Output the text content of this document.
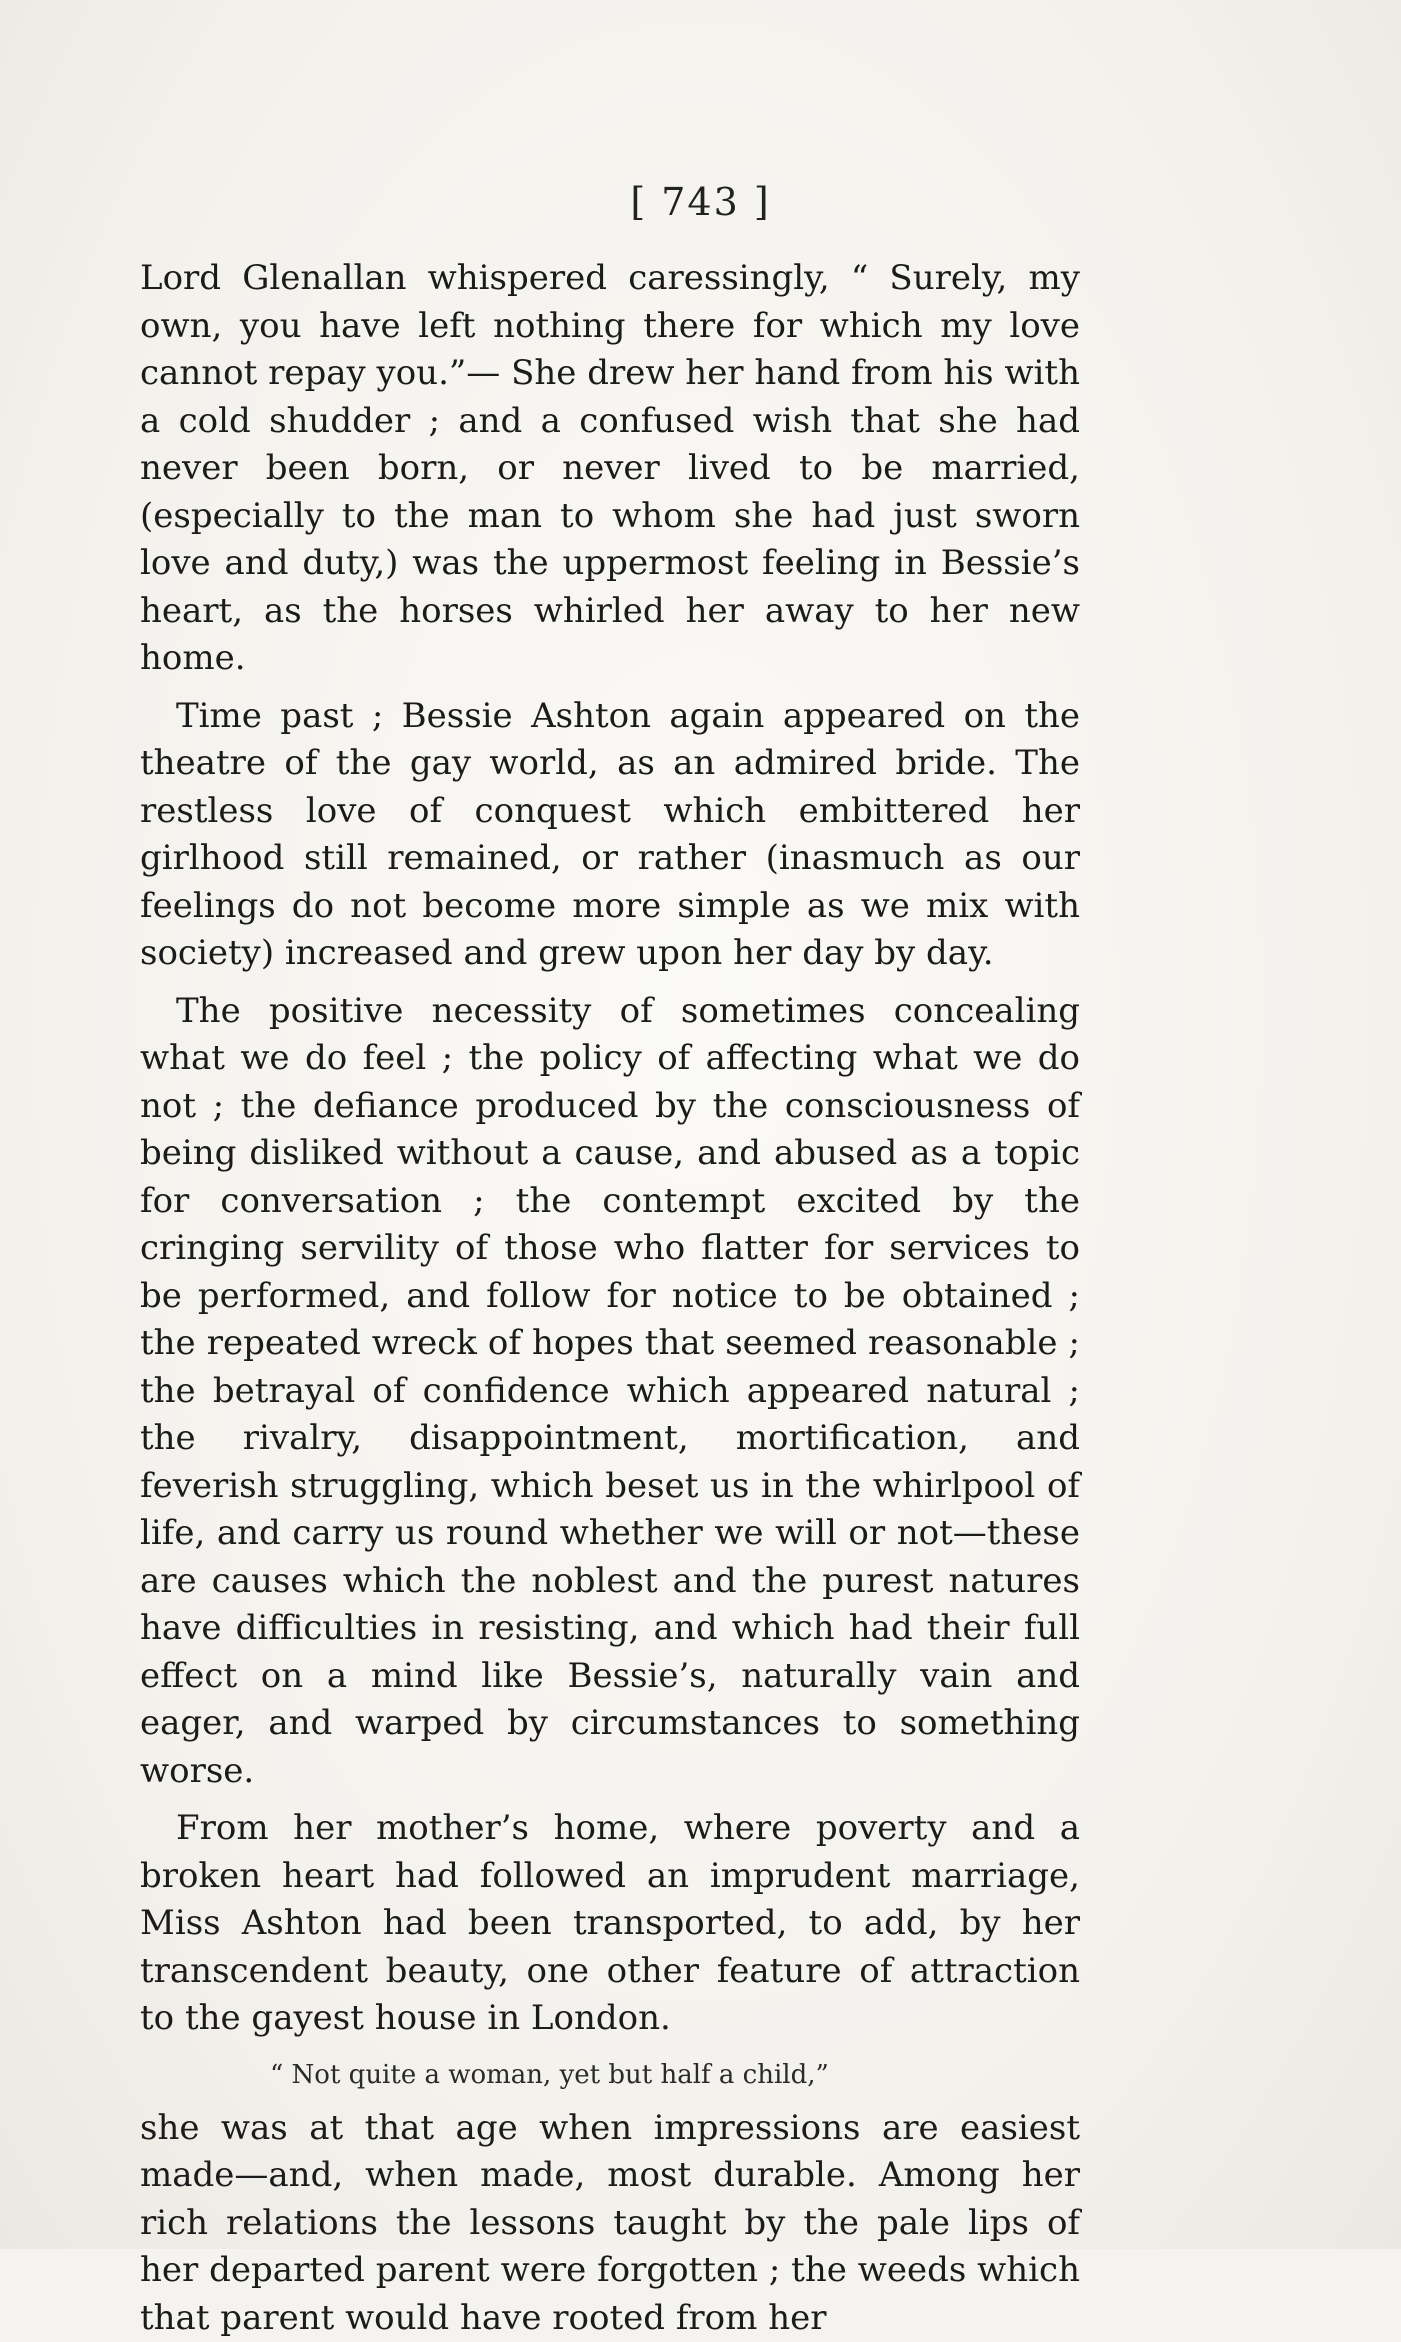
[ 743 ]

Lord Glenallan whispered caressingly, “ Surely, my own, you have left nothing there for which my love cannot repay you.”— She drew her hand from his with a cold shudder ; and a confused wish that she had never been born, or never lived to be married, (especially to the man to whom she had just sworn love and duty,) was the uppermost feeling in Bessie’s heart, as the horses whirled her away to her new home.

Time past ; Bessie Ashton again appeared on the theatre of the gay world, as an admired bride. The restless love of conquest which embittered her girlhood still remained, or rather (inasmuch as our feelings do not become more simple as we mix with society) increased and grew upon her day by day.

The positive necessity of sometimes concealing what we do feel ; the policy of affecting what we do not ; the defiance produced by the consciousness of being disliked without a cause, and abused as a topic for conversation ; the contempt excited by the cringing servility of those who flatter for services to be performed, and follow for notice to be obtained ; the repeated wreck of hopes that seemed reasonable ; the betrayal of confidence which appeared natural ; the rivalry, disappointment, mortification, and feverish struggling, which beset us in the whirlpool of life, and carry us round whether we will or not—these are causes which the noblest and the purest natures have difficulties in resisting, and which had their full effect on a mind like Bessie’s, naturally vain and eager, and warped by circumstances to something worse.

From her mother’s home, where poverty and a broken heart had followed an imprudent marriage, Miss Ashton had been transported, to add, by her transcendent beauty, one other feature of attraction to the gayest house in London.

“ Not quite a woman, yet but half a child,”

she was at that age when impressions are easiest made—and, when made, most durable. Among her rich relations the lessons taught by the pale lips of her departed parent were forgotten ; the weeds which that parent would have rooted from her
